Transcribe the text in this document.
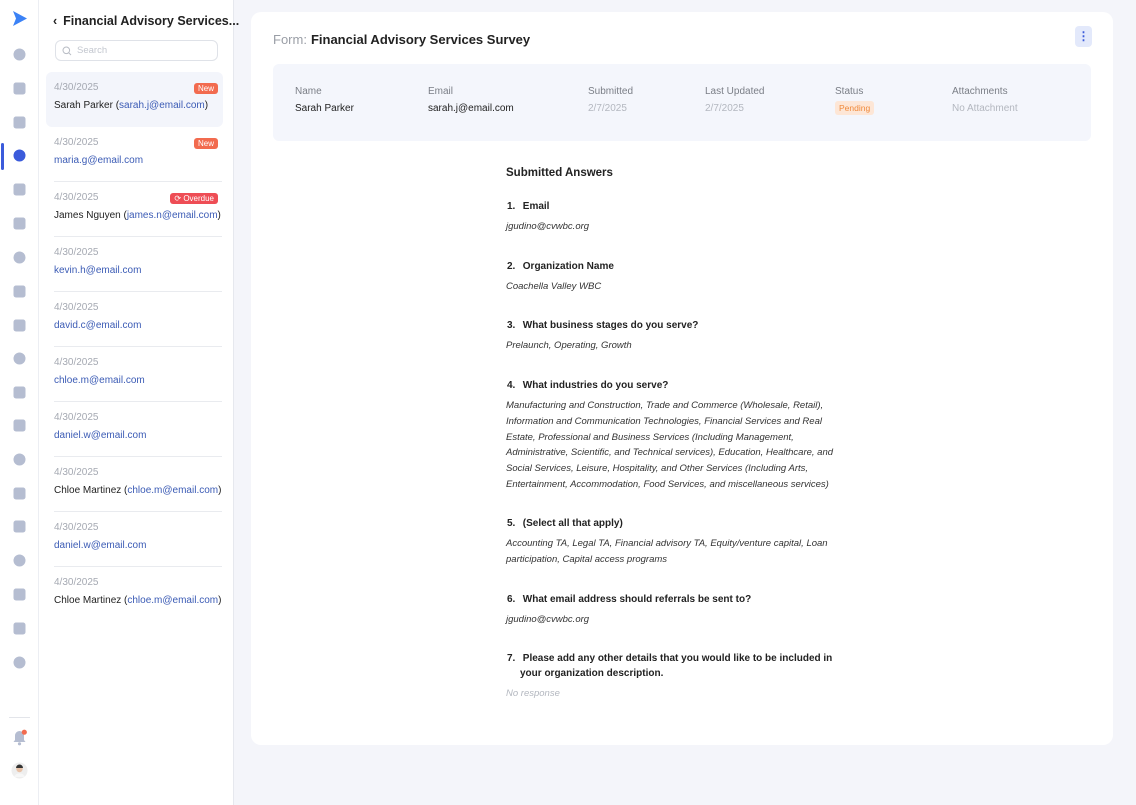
‹ Financial Advisory Services...
Search
4/30/2025
Sarah Parker (sarah.j@email.com)
New
4/30/2025
maria.g@email.com
New
4/30/2025
James Nguyen (james.n@email.com)
⟳ Overdue
4/30/2025
kevin.h@email.com
4/30/2025
david.c@email.com
4/30/2025
chloe.m@email.com
4/30/2025
daniel.w@email.com
4/30/2025
Chloe Martinez (chloe.m@email.com)
4/30/2025
daniel.w@email.com
4/30/2025
Chloe Martinez (chloe.m@email.com)
Form: Financial Advisory Services Survey	⋮
Name
Sarah Parker
Email
sarah.j@email.com
Submitted
2/7/2025
Last Updated
2/7/2025
Status
Pending
Attachments
No Attachment
Submitted Answers
1. Email
jgudino@cvwbc.org
2. Organization Name
Coachella Valley WBC
3. What business stages do you serve?
Prelaunch, Operating, Growth
4. What industries do you serve?
Manufacturing and Construction, Trade and Commerce (Wholesale, Retail), Information and Communication Technologies, Financial Services and Real Estate, Professional and Business Services (Including Management, Administrative, Scientific, and Technical services), Education, Healthcare, and Social Services, Leisure, Hospitality, and Other Services (Including Arts, Entertainment, Accommodation, Food Services, and miscellaneous services)
5. (Select all that apply)
Accounting TA, Legal TA, Financial advisory TA, Equity/venture capital, Loan participation, Capital access programs
6. What email address should referrals be sent to?
jgudino@cvwbc.org
7. Please add any other details that you would like to be included in your organization description.
No response
